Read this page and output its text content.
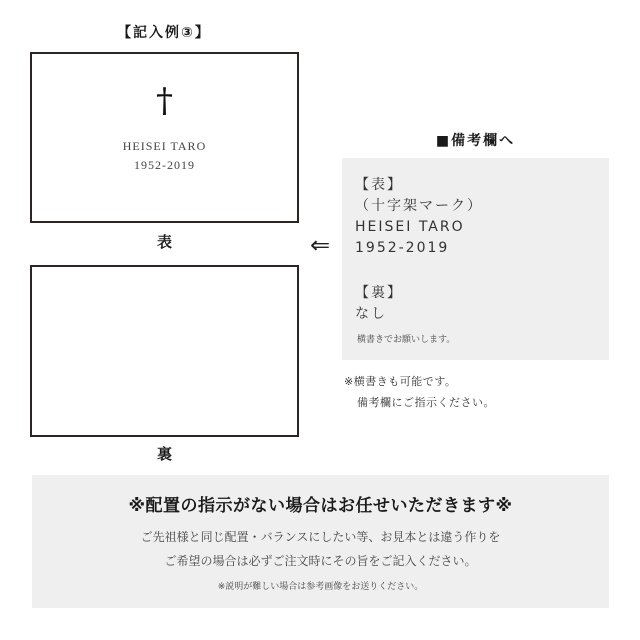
【記入例③】
†
HEISEI TARO
1952-2019
表	⇐
裏
■備考欄へ
【表】
（十字架マーク）
HEISEI TARO
1952-2019
【裏】
なし
横書きでお願いします。
※横書きも可能です。
備考欄にご指示ください。
※配置の指示がない場合はお任せいただきます※
ご先祖様と同じ配置・バランスにしたい等、お見本とは違う作りを
ご希望の場合は必ずご注文時にその旨をご記入ください。
※説明が難しい場合は参考画像をお送りください。
